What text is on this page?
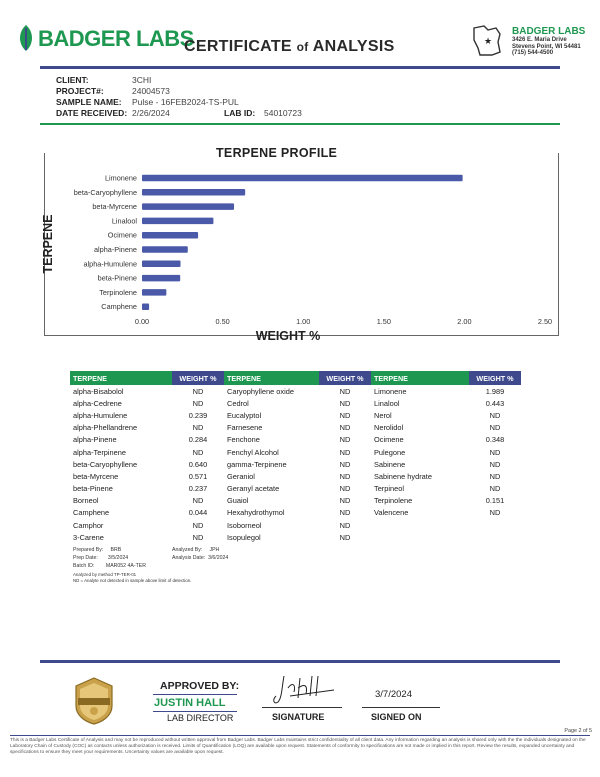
BADGER LABS
CERTIFICATE of ANALYSIS	★
BADGER LABS
3426 E. Maria Drive
Stevens Point, WI 54481
(715) 544-4500
CLIENT:	3CHI
PROJECT#:	24004573
SAMPLE NAME: Pulse - 16FEB2024-TS-PUL
DATE RECEIVED: 2/26/2024	LAB ID: 54010723
TERPENE PROFILE
Limonene
beta-Caryophyllene
beta-Myrcene
Linalool
Ocimene
alpha-Pinene
alpha-Humulene
beta-Pinene
Terpinolene
Camphene
0.00	0.50	1.00	1.50	2.00	2.50
WEIGHT %
TERPENE
TERPENE	WEIGHT %	TERPENE	WEIGHT %	TERPENE	WEIGHT %
alpha-Bisabolol	ND	Caryophyllene oxide	ND	Limonene	1.989
alpha-Cedrene	ND	Cedrol	ND	Linalool	0.443
alpha-Humulene	0.239	Eucalyptol	ND	Nerol	ND
alpha-Phellandrene	ND	Farnesene	ND	Nerolidol	ND
alpha-Pinene	0.284	Fenchone	ND	Ocimene	0.348
alpha-Terpinene	ND	Fenchyl Alcohol	ND	Pulegone	ND
beta-Caryophyllene	0.640	gamma-Terpinene	ND	Sabinene	ND
beta-Myrcene	0.571	Geraniol	ND	Sabinene hydrate	ND
beta-Pinene	0.237	Geranyl acetate	ND	Terpineol	ND
Borneol	ND	Guaiol	ND	Terpinolene	0.151
Camphene	0.044	Hexahydrothymol	ND	Valencene	ND
Camphor	ND	Isoborneol	ND		
3-Carene	ND	Isopulegol	ND		
Prepared By: BRB
Prep Date: 3/5/2024
Batch ID: MAR052 4A-TER
Analyzed By: JPH
Analysis Date: 3/6/2024
Analyzed by method TP-TER-01
ND = Analyte not detected in sample above limit of detection.
APPROVED BY:
JUSTIN HALL
LAB DIRECTOR	SIGNATURE
3/7/2024
SIGNED ON
Page 2 of 5
This is a Badger Labs Certificate of Analysis and may not be reproduced without written approval from Badger Labs. Badger Labs maintains strict confidentiality of all client data. Any information regarding an analysis is shared only with the the individuals designated on the Laboratory Chain of Custody (COC) as contacts unless authorization is received. Limits of Quantification (LOQ) are available upon request. Statements of conformity to specifications are not made or implied in this report. Review the results, expanded uncertainty and specifications to ensure they meet your requirements. Uncertainty values are available upon request.
